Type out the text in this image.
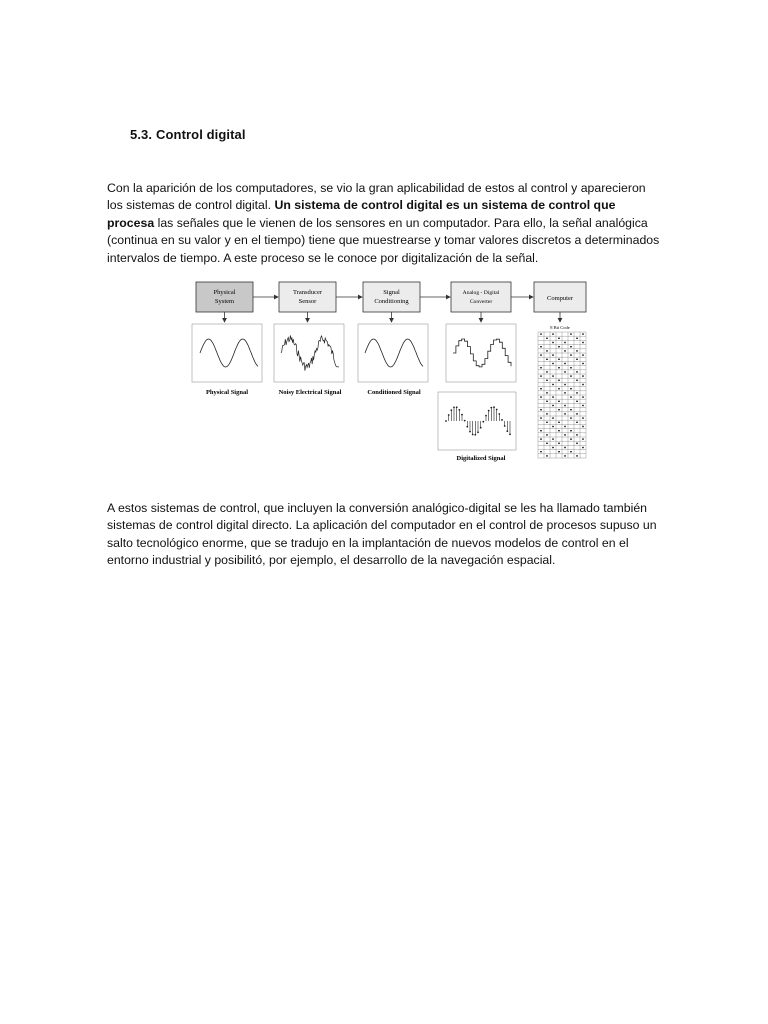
5.3. Control digital

Con la aparición de los computadores, se vio la gran aplicabilidad de estos al control y aparecieron los sistemas de control digital. Un sistema de control digital es un sistema de control que procesa las señales que le vienen de los sensores en un computador. Para ello, la señal analógica (continua en su valor y en el tiempo) tiene que muestrearse y tomar valores discretos a determinados intervalos de tiempo. A este proceso se le conoce por digitalización de la señal.

Physical
System
Transducer
Sensor
Signal
Conditioning
Analog - Digital
Converter	Computer
Physical Signal	Noisy Electrical Signal	Conditioned Signal
Digitalized Signal
8 Bit Code

A estos sistemas de control, que incluyen la conversión analógico-digital se les ha llamado también sistemas de control digital directo. La aplicación del computador en el control de procesos supuso un salto tecnológico enorme, que se tradujo en la implantación de nuevos modelos de control en el entorno industrial y posibilitó, por ejemplo, el desarrollo de la navegación espacial.
